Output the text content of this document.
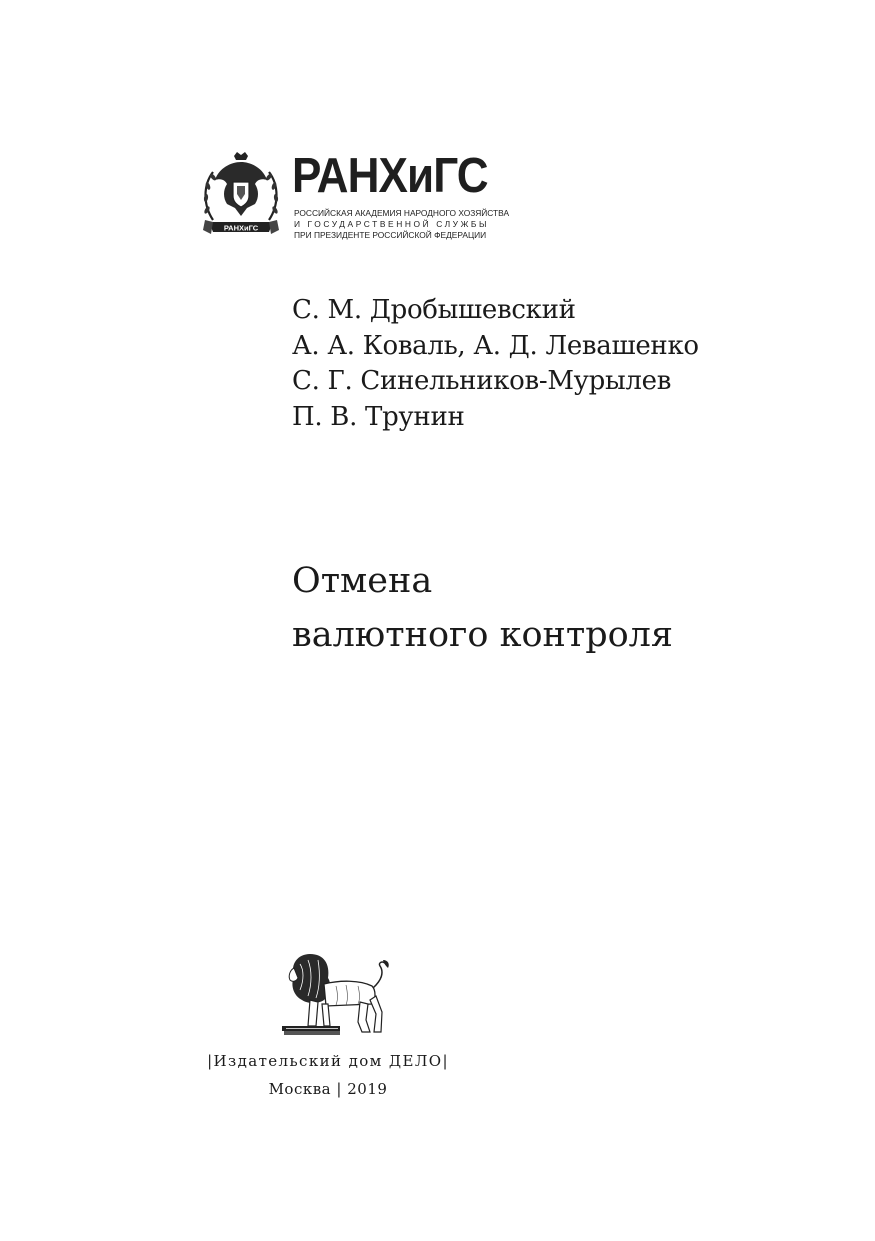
РАНХиГС
РАНХиГС
РОССИЙСКАЯ АКАДЕМИЯ НАРОДНОГО ХОЗЯЙСТВА
И ГОСУДАРСТВЕННОЙ СЛУЖБЫ
ПРИ ПРЕЗИДЕНТЕ РОССИЙСКОЙ ФЕДЕРАЦИИ
С. М. Дробышевский
А. А. Коваль, А. Д. Левашенко
С. Г. Синельников-Мурылев
П. В. Трунин
Отмена
валютного контроля
|Издательский дом ДЕЛО|
Москва | 2019
